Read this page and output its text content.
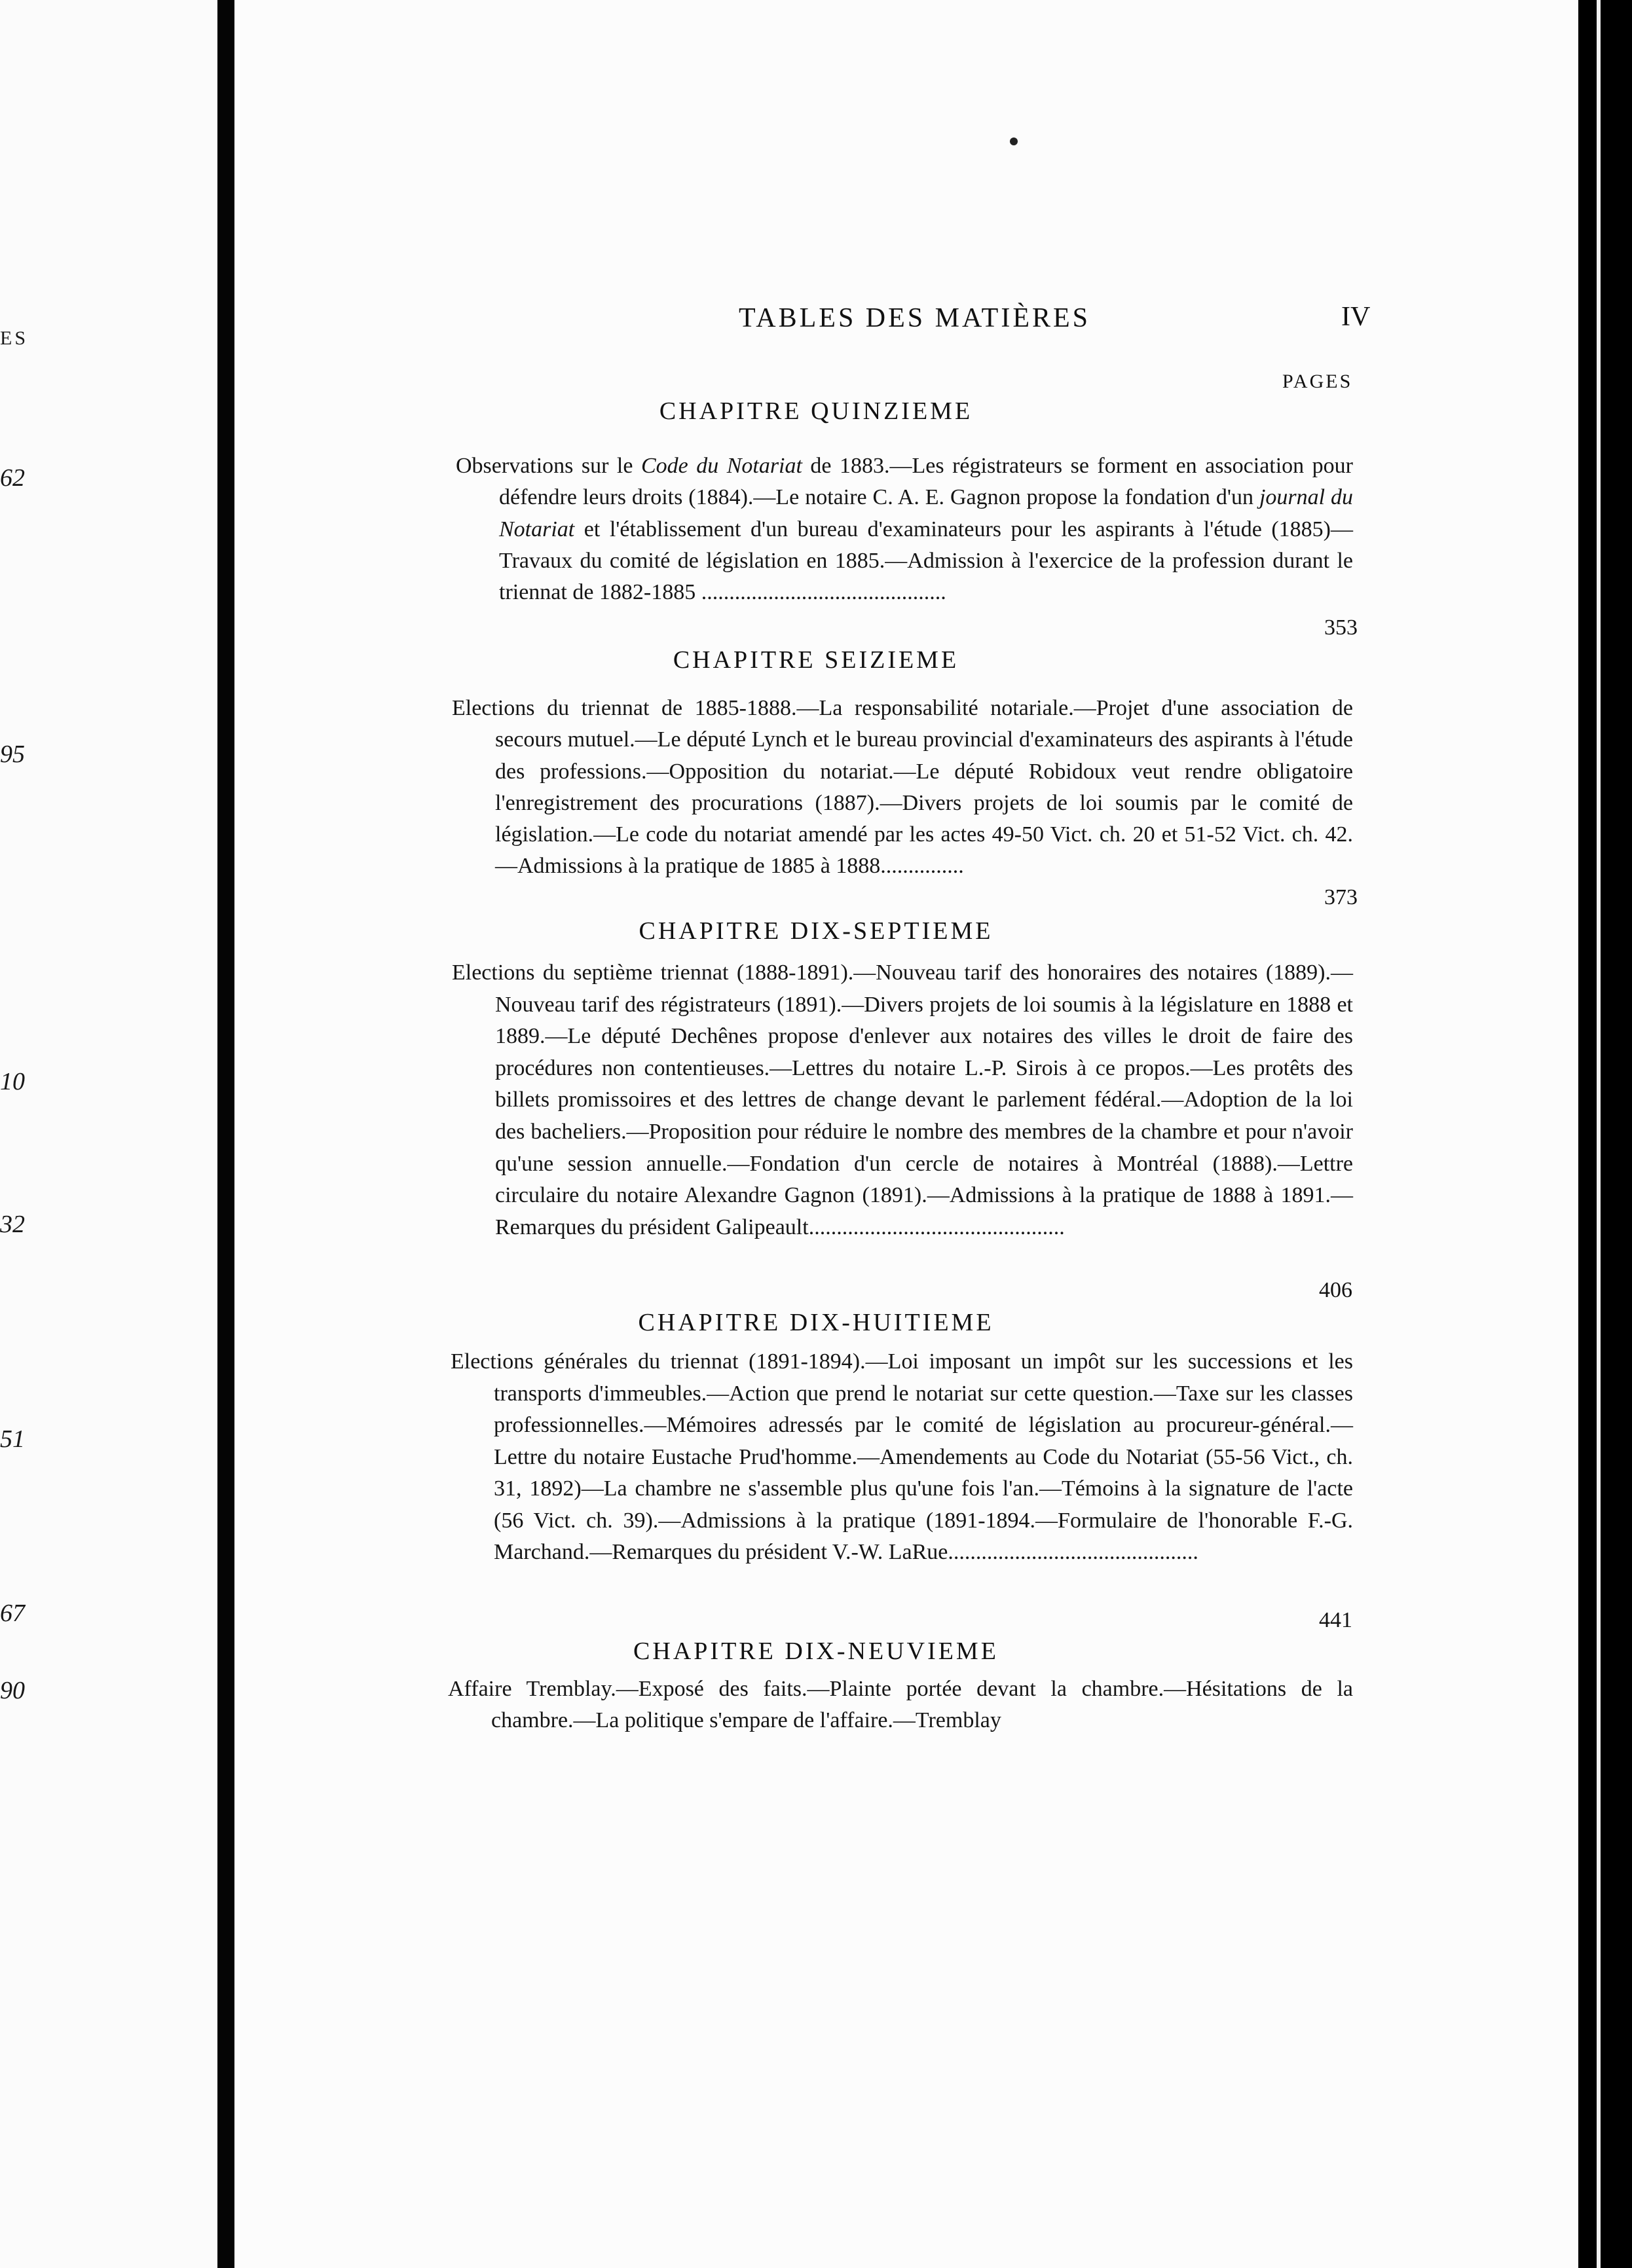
ES
62
95
10
32
51
67
90
TABLES DES MATIÈRES	IV
PAGES
CHAPITRE QUINZIEME
Observations sur le Code du Notariat de 1883.—Les régistrateurs se forment en association pour défendre leurs droits (1884).—Le notaire C. A. E. Gagnon propose la fondation d'un journal du Notariat et l'établissement d'un bureau d'examinateurs pour les aspirants à l'étude (1885)—Travaux du comité de législation en 1885.—Admission à l'exercice de la profession durant le triennat de 1882-1885 ............................................
353
CHAPITRE SEIZIEME
Elections du triennat de 1885-1888.—La responsabilité notariale.—Projet d'une association de secours mutuel.—Le député Lynch et le bureau provincial d'examinateurs des aspirants à l'étude des professions.—Opposition du notariat.—Le député Robidoux veut rendre obligatoire l'enregistrement des procurations (1887).—Divers projets de loi soumis par le comité de législation.—Le code du notariat amendé par les actes 49-50 Vict. ch. 20 et 51-52 Vict. ch. 42.—Admissions à la pratique de 1885 à 1888...............
373
CHAPITRE DIX-SEPTIEME
Elections du septième triennat (1888-1891).—Nouveau tarif des honoraires des notaires (1889).—Nouveau tarif des régistrateurs (1891).—Divers projets de loi soumis à la législature en 1888 et 1889.—Le député Dechênes propose d'enlever aux notaires des villes le droit de faire des procédures non contentieuses.—Lettres du notaire L.-P. Sirois à ce propos.—Les protêts des billets promissoires et des lettres de change devant le parlement fédéral.—Adoption de la loi des bacheliers.—Proposition pour réduire le nombre des membres de la chambre et pour n'avoir qu'une session annuelle.—Fondation d'un cercle de notaires à Montréal (1888).—Lettre circulaire du notaire Alexandre Gagnon (1891).—Admissions à la pratique de 1888 à 1891.—Remarques du président Galipeault..............................................
406
CHAPITRE DIX-HUITIEME
Elections générales du triennat (1891-1894).—Loi imposant un impôt sur les successions et les transports d'immeubles.—Action que prend le notariat sur cette question.—Taxe sur les classes professionnelles.—Mémoires adressés par le comité de législation au procureur-général.—Lettre du notaire Eustache Prud'homme.—Amendements au Code du Notariat (55-56 Vict., ch. 31, 1892)—La chambre ne s'assemble plus qu'une fois l'an.—Témoins à la signature de l'acte (56 Vict. ch. 39).—Admissions à la pratique (1891-1894.—Formulaire de l'honorable F.-G. Marchand.—Remarques du président V.-W. LaRue.............................................
441
CHAPITRE DIX-NEUVIEME
Affaire Tremblay.—Exposé des faits.—Plainte portée devant la chambre.—Hésitations de la chambre.—La politique s'empare de l'affaire.—Tremblay
